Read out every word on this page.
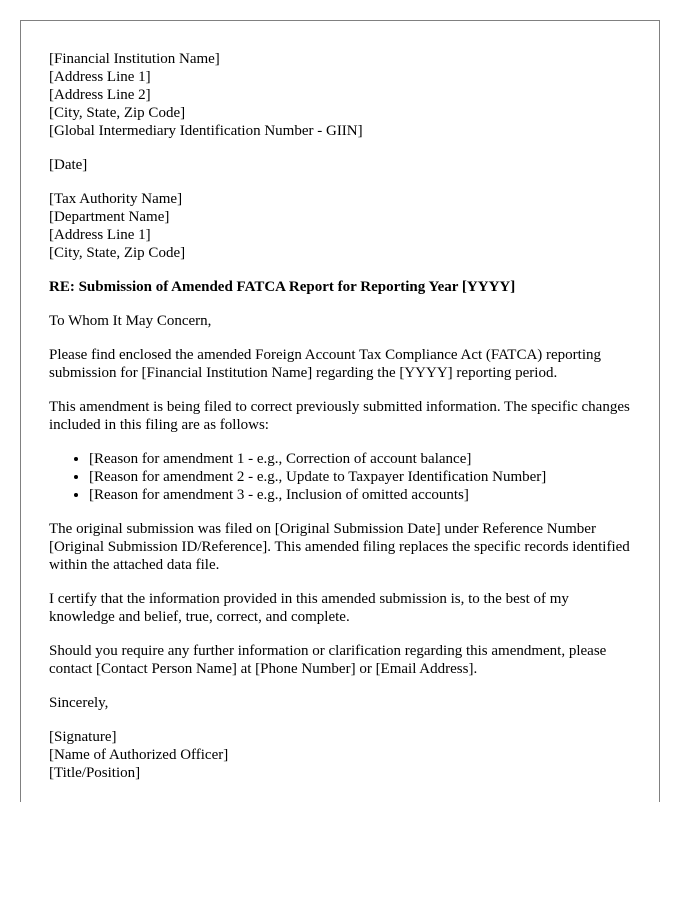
[Financial Institution Name]
[Address Line 1]
[Address Line 2]
[City, State, Zip Code]
[Global Intermediary Identification Number - GIIN]

[Date]

[Tax Authority Name]
[Department Name]
[Address Line 1]
[City, State, Zip Code]

RE: Submission of Amended FATCA Report for Reporting Year [YYYY]

To Whom It May Concern,

Please find enclosed the amended Foreign Account Tax Compliance Act (FATCA) reporting submission for [Financial Institution Name] regarding the [YYYY] reporting period.

This amendment is being filed to correct previously submitted information. The specific changes included in this filing are as follows:

• [Reason for amendment 1 - e.g., Correction of account balance]
• [Reason for amendment 2 - e.g., Update to Taxpayer Identification Number]
• [Reason for amendment 3 - e.g., Inclusion of omitted accounts]

The original submission was filed on [Original Submission Date] under Reference Number [Original Submission ID/Reference]. This amended filing replaces the specific records identified within the attached data file.

I certify that the information provided in this amended submission is, to the best of my knowledge and belief, true, correct, and complete.

Should you require any further information or clarification regarding this amendment, please contact [Contact Person Name] at [Phone Number] or [Email Address].

Sincerely,

[Signature]
[Name of Authorized Officer]
[Title/Position]
